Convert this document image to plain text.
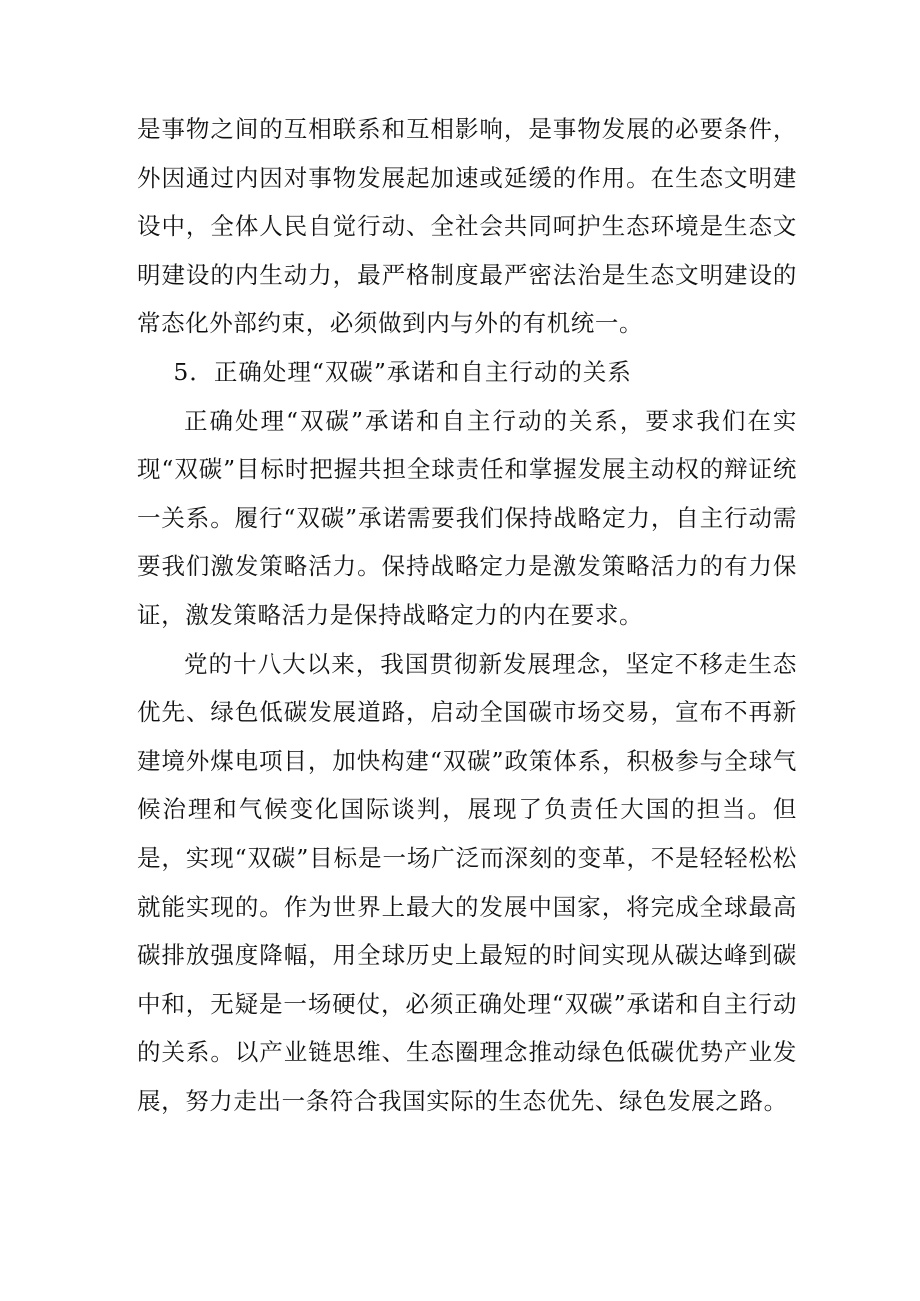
是事物之间的互相联系和互相影响，是事物发展的必要条件，外因通过内因对事物发展起加速或延缓的作用。在生态文明建设中，全体人民自觉行动、全社会共同呵护生态环境是生态文明建设的内生动力，最严格制度最严密法治是生态文明建设的常态化外部约束，必须做到内与外的有机统一。

5．正确处理“双碳”承诺和自主行动的关系

正确处理“双碳”承诺和自主行动的关系，要求我们在实现“双碳”目标时把握共担全球责任和掌握发展主动权的辩证统一关系。履行“双碳”承诺需要我们保持战略定力，自主行动需要我们激发策略活力。保持战略定力是激发策略活力的有力保证，激发策略活力是保持战略定力的内在要求。

党的十八大以来，我国贯彻新发展理念，坚定不移走生态优先、绿色低碳发展道路，启动全国碳市场交易，宣布不再新建境外煤电项目，加快构建“双碳”政策体系，积极参与全球气候治理和气候变化国际谈判，展现了负责任大国的担当。但是，实现“双碳”目标是一场广泛而深刻的变革，不是轻轻松松就能实现的。作为世界上最大的发展中国家，将完成全球最高碳排放强度降幅，用全球历史上最短的时间实现从碳达峰到碳中和，无疑是一场硬仗，必须正确处理“双碳”承诺和自主行动的关系。以产业链思维、生态圈理念推动绿色低碳优势产业发展，努力走出一条符合我国实际的生态优先、绿色发展之路。
